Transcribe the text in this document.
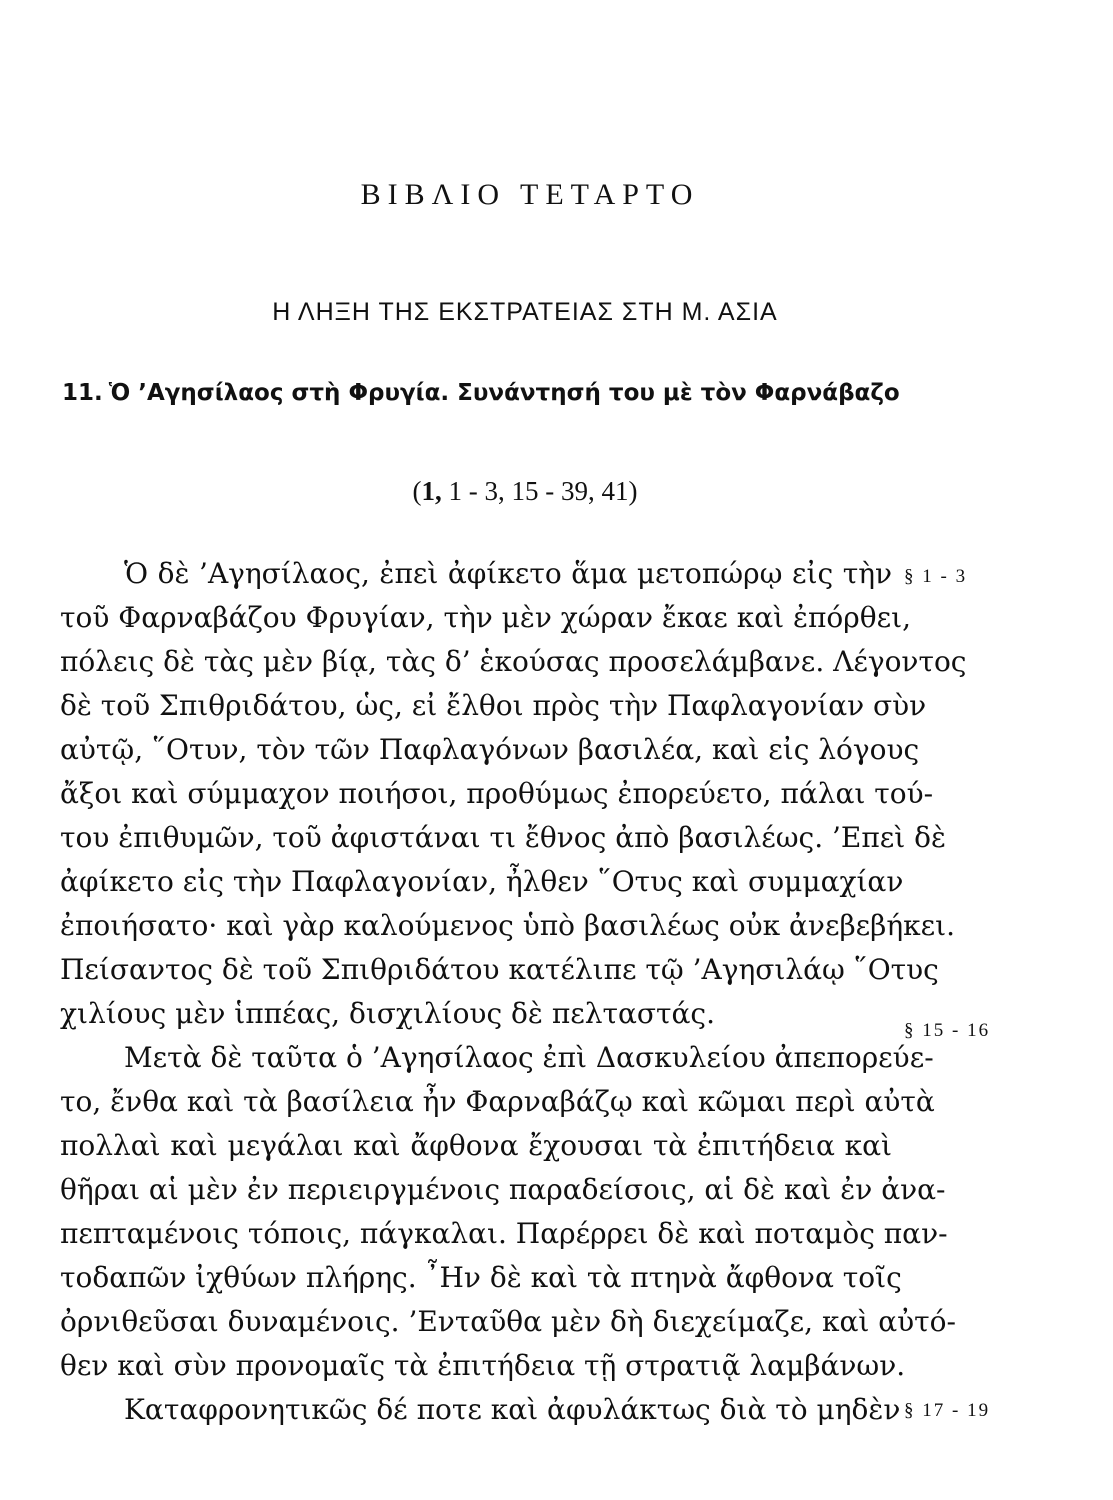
ΒΙΒΛΙΟ ΤΕΤΑΡΤΟ
Η ΛΗΞΗ ΤΗΣ ΕΚΣΤΡΑΤΕΙΑΣ ΣΤΗ Μ. ΑΣΙΑ
11. Ὁ ’Αγησίλαος στὴ Φρυγία. Συνάντησή του μὲ τὸν Φαρνάβαζο
(1, 1 - 3, 15 - 39, 41)
Ὁ δὲ ’Αγησίλαος, ἐπεὶ ἀφίκετο ἅμα μετοπώρῳ εἰς τὴν § 1 - 3
τοῦ Φαρναβάζου Φρυγίαν, τὴν μὲν χώραν ἔκαε καὶ ἐπόρθει,
πόλεις δὲ τὰς μὲν βίᾳ, τὰς δ’ ἑκούσας προσελάμβανε. Λέγοντος
δὲ τοῦ Σπιθριδάτου, ὡς, εἰ ἔλθοι πρὸς τὴν Παφλαγονίαν σὺν
αὐτῷ, ῞Οτυν, τὸν τῶν Παφλαγόνων βασιλέα, καὶ εἰς λόγους
ἄξοι καὶ σύμμαχον ποιήσοι, προθύμως ἐπορεύετο, πάλαι τού-
του ἐπιθυμῶν, τοῦ ἀφιστάναι τι ἔθνος ἀπὸ βασιλέως. ’Επεὶ δὲ
ἀφίκετο εἰς τὴν Παφλαγονίαν, ἦλθεν ῞Οτυς καὶ συμμαχίαν
ἐποιήσατο· καὶ γὰρ καλούμενος ὑπὸ βασιλέως οὐκ ἀνεβεβήκει.
Πείσαντος δὲ τοῦ Σπιθριδάτου κατέλιπε τῷ ’Αγησιλάῳ ῞Οτυς
χιλίους μὲν ἱππέας, δισχιλίους δὲ πελταστάς.
Μετὰ δὲ ταῦτα ὁ ’Αγησίλαος ἐπὶ Δασκυλείου ἀπεπορεύε-
§ 15 - 16
το, ἔνθα καὶ τὰ βασίλεια ἦν Φαρναβάζῳ καὶ κῶμαι περὶ αὐτὰ
πολλαὶ καὶ μεγάλαι καὶ ἄφθονα ἔχουσαι τὰ ἐπιτήδεια καὶ
θῆραι αἱ μὲν ἐν περιειργμένοις παραδείσοις, αἱ δὲ καὶ ἐν ἀνα-
πεπταμένοις τόποις, πάγκαλαι. Παρέρρει δὲ καὶ ποταμὸς παν-
τοδαπῶν ἰχθύων πλήρης. ῏Ην δὲ καὶ τὰ πτηνὰ ἄφθονα τοῖς
ὀρνιθεῦσαι δυναμένοις. ’Ενταῦθα μὲν δὴ διεχείμαζε, καὶ αὐτό-
θεν καὶ σὺν προνομαῖς τὰ ἐπιτήδεια τῇ στρατιᾷ λαμβάνων.
Καταφρονητικῶς δέ ποτε καὶ ἀφυλάκτως διὰ τὸ μηδὲν § 17 - 19
